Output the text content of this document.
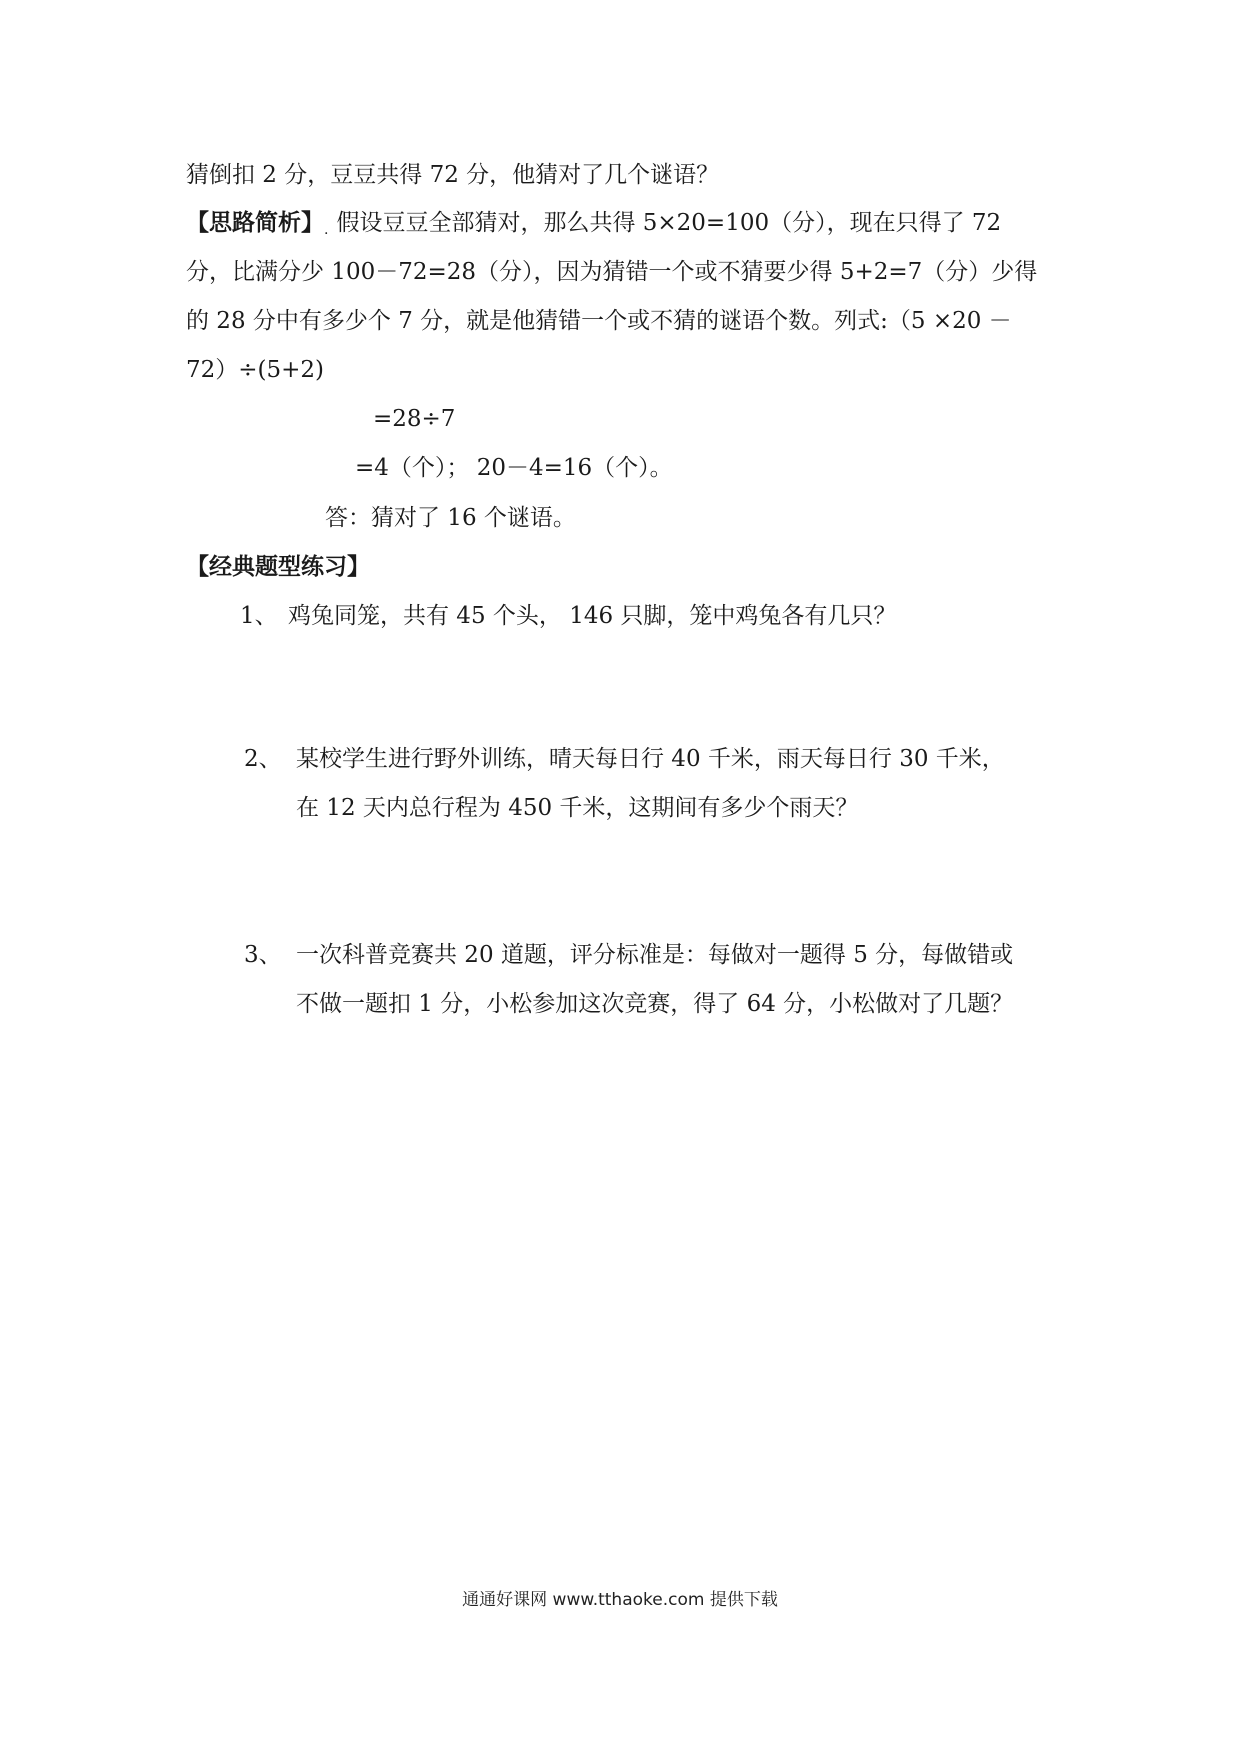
猜倒扣 2 分，豆豆共得 72 分，他猜对了几个谜语？
【思路简析】. 假设豆豆全部猜对，那么共得 5×20=100（分），现在只得了 72
分，比满分少 100－72=28（分），因为猜错一个或不猜要少得 5+2=7（分）少得
的 28 分中有多少个 7 分，就是他猜错一个或不猜的谜语个数。列式:（5 ×20 －
72）÷(5+2)
=28÷7
=4（个）； 20－4=16（个）。
答：猜对了 16 个谜语。
【经典题型练习】
1、 鸡兔同笼，共有 45 个头， 146 只脚，笼中鸡兔各有几只？
2、 某校学生进行野外训练，晴天每日行 40 千米，雨天每日行 30 千米，
在 12 天内总行程为 450 千米，这期间有多少个雨天？
3、 一次科普竞赛共 20 道题，评分标准是：每做对一题得 5 分，每做错或
不做一题扣 1 分，小松参加这次竞赛，得了 64 分，小松做对了几题？
通通好课网 www.tthaoke.com 提供下载
